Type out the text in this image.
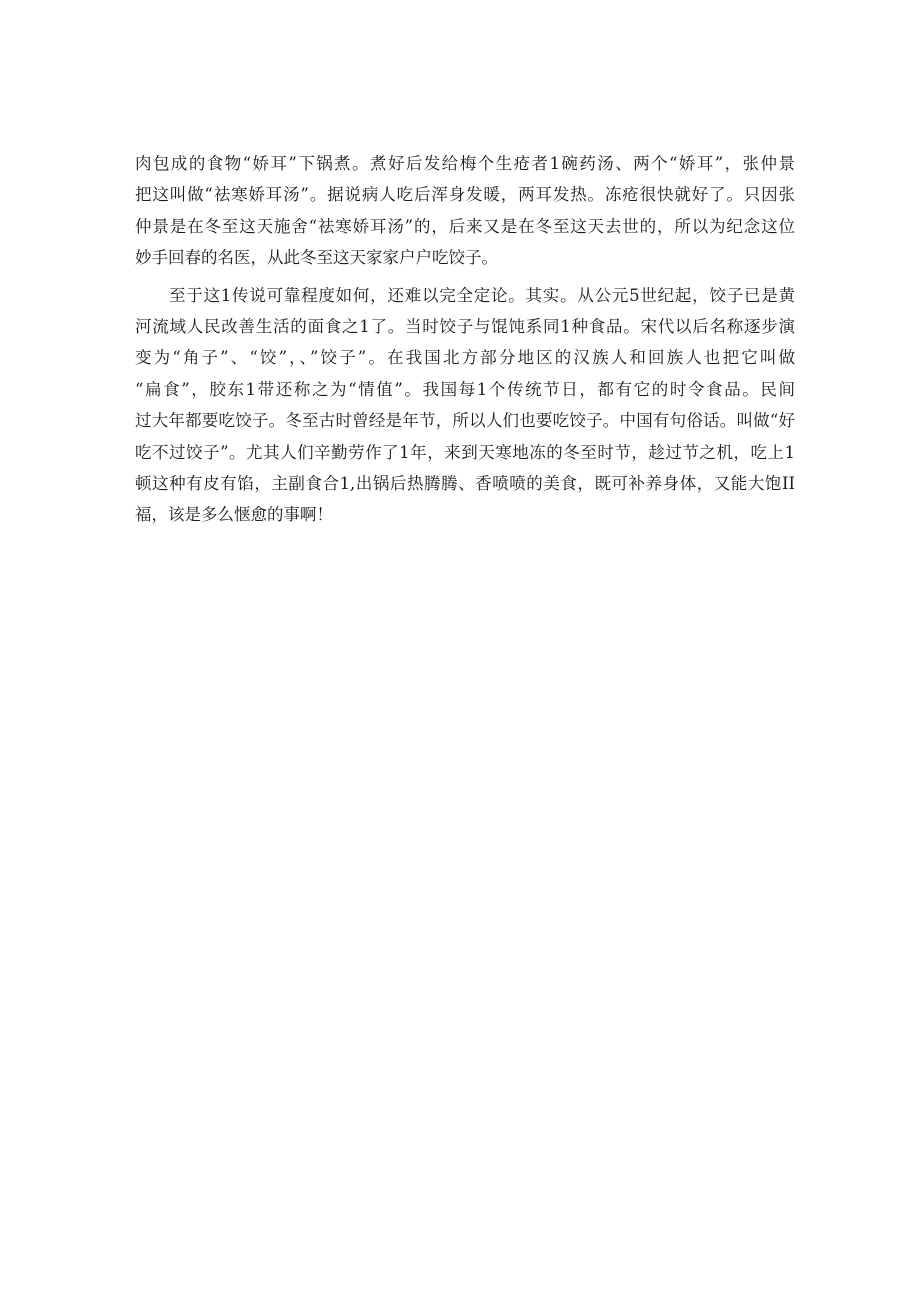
肉包成的食物“娇耳”下锅煮。煮好后发给梅个生疮者1碗药汤、两个“娇耳”，张仲景
把这叫做“祛寒娇耳汤”。据说病人吃后浑身发暖，两耳发热。冻疮很快就好了。只因张
仲景是在冬至这天施舍“祛寒娇耳汤”的，后来又是在冬至这天去世的，所以为纪念这位
妙手回春的名医，从此冬至这天家家户户吃饺子。
至于这1传说可靠程度如何，还难以完全定论。其实。从公元5世纪起，饺子已是黄
河流域人民改善生活的面食之1了。当时饺子与馄饨系同1种食品。宋代以后名称逐步演
变为“角子”、“饺”，、”饺子”。在我国北方部分地区的汉族人和回族人也把它叫做
“扁食”，胶东1带还称之为“情值”。我国每1个传统节日，都有它的时令食品。民间
过大年都要吃饺子。冬至古时曾经是年节，所以人们也要吃饺子。中国有句俗话。叫做“好
吃不过饺子”。尤其人们辛勤劳作了1年，来到天寒地冻的冬至时节，趁过节之机，吃上1
顿这种有皮有馅，主副食合1,出锅后热腾腾、香喷喷的美食，既可补养身体，又能大饱II
福，该是多么惬愈的事啊！
